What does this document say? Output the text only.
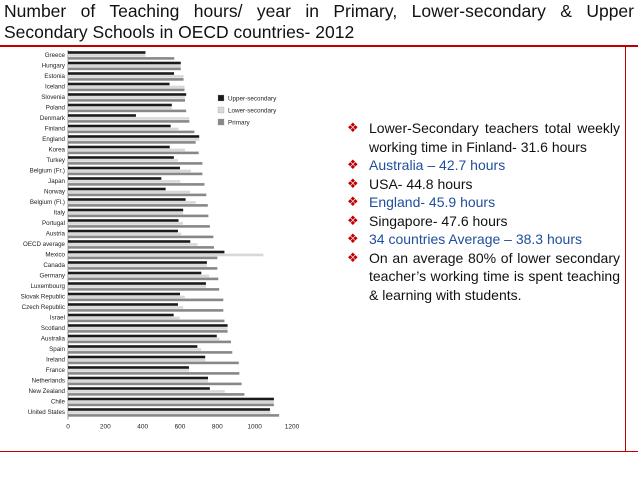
Number of Teaching hours/ year in Primary, Lower-secondary & Upper Secondary Schools in OECD countries- 2012
Greece
Hungary
Estonia
Iceland
Slovenia
Poland
Denmark
Finland
England
Korea
Turkey
Belgium (Fr.)
Japan
Norway
Belgium (Fl.)
Italy
Portugal
Austria
OECD average
Mexico
Canada
Germany
Luxembourg
Slovak Republic
Czech Republic
Israel
Scotland
Australia
Spain
Ireland
France
Netherlands
New Zealand
Chile
United States
0	200	400	600	800	1000	1200
Upper-secondary
Lower-secondary
Primary	❖ Lower-Secondary teachers total weekly working time in Finland- 31.6 hours
❖ Australia – 42.7 hours
❖ USA- 44.8 hours
❖ England- 45.9 hours
❖ Singapore- 47.6 hours
❖ 34 countries Average – 38.3 hours
❖ On an average 80% of lower secondary teacher’s working time is spent teaching & learning with students.
